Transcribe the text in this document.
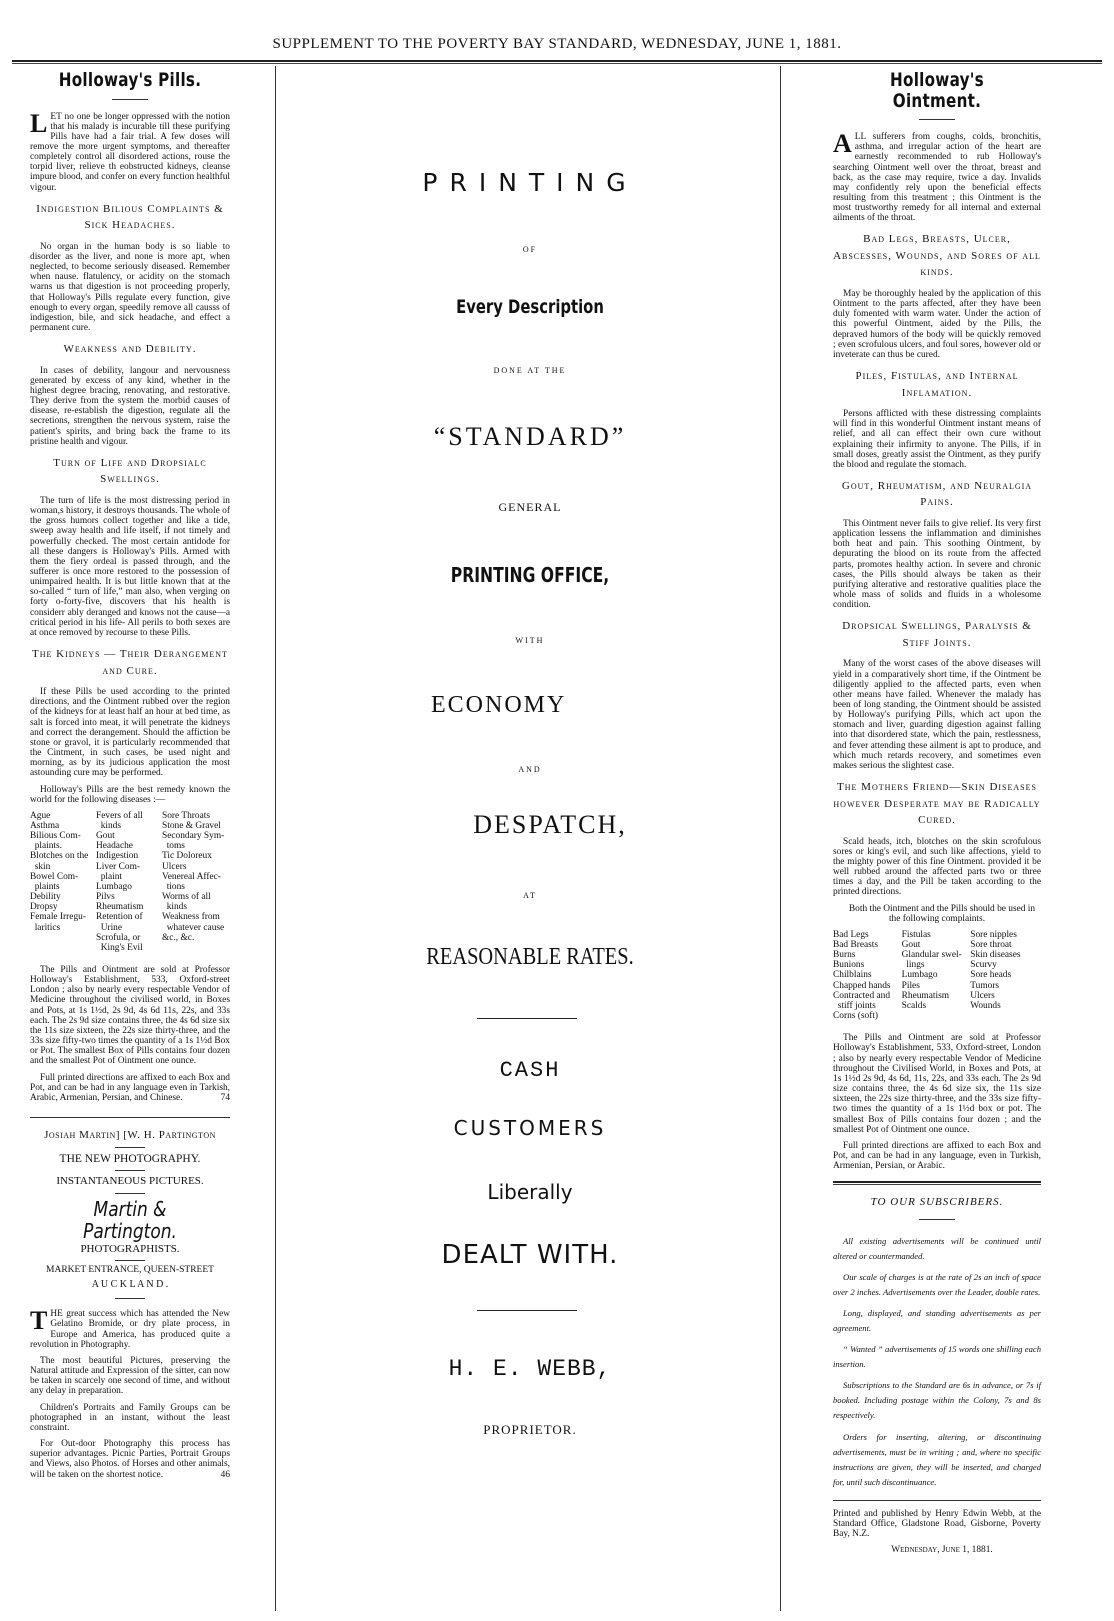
SUPPLEMENT TO THE POVERTY BAY STANDARD, WEDNESDAY, JUNE 1, 1881.
Holloway's Pills.

LET no one be longer oppressed with the notion that his malady is incurable till these purifying Pills have had a fair trial. A few doses will remove the more urgent symptoms, and thereafter completely control all disordered actions, rouse the torpid liver, relieve th eobstructed kidneys, cleanse impure blood, and confer on every function healthful vigour.

Indigestion Bilious Complaints & Sick Headaches.

No organ in the human body is so liable to disorder as the liver, and none is more apt, when neglected, to become seriously diseased. Remember when nause. flatulency, or acidity on the stomach warns us that digestion is not proceeding properly, that Holloway's Pills regulate every function, give enough to every organ, speedily remove all causss of indigestion, bile, and sick headache, and effect a permanent cure.

Weakness and Debility.

In cases of debility, langour and nervousness generated by excess of any kind, whether in the highest degree bracing, renovating, and restorative. They derive from the system the morbid causes of disease, re-establish the digestion, regulate all the secretions, strengthen the nervous system, raise the patient's spirits, and bring back the frame to its pristine health and vigour.

Turn of Life and Dropsialc Swellings.

The turn of life is the most distressing period in woman,s history, it destroys thousands. The whole of the gross humors collect together and like a tide, sweep away health and life itself, if not timely and powerfully checked. The most certain antidode for all these dangers is Holloway's Pills. Armed with them the fiery ordeal is passed through, and the sufferer is once more restored to the possession of unimpaired health. It is but little known that at the so-called “ turn of life,” man also, when verging on forty o-forty-five, discovers that his health is considerr ably deranged and knows not the cause—a critical period in his life- All perils to both sexes are at once removed by recourse to these Pills.

The Kidneys — Their Derangement and Cure.

If these Pills be used according to the printed directions, and the Ointment rubbed over the region of the kidneys for at least half an hour at bed time, as salt is forced into meat, it will penetrate the kidneys and correct the derangement. Should the affiction be stone or gravol, it is particularly recommended that the Cintment, in such cases, be used night and morning, as by its judicious application the most astounding cure may be performed.

Holloway's Pills are the best remedy known the world for the following diseases :—

Ague	Fevers of all	Sore Throats
Asthma	kinds	Stone & Gravel
Bilious Com-	Gout	Secondary Sym-
plaints.	Headache	toms
Blotches on the	Indigestion	Tic Doloreux
skin	Liver Com-	Ulcers
Bowel Com-	plaint	Venereal Affec-
plaints	Lumbago	tions
Debility	Pilvs	Worms of all
Dropsy	Rheumatism	kinds
Female Irregu-	Retention of	Weakness from
laritics	Urine	whatever cause
	Scrofula, or	&c., &c.
	King's Evil	

The Pills and Ointment are sold at Professor Holloway's Establishment, 533, Oxford-street London ; also by nearly every respectable Vendor of Medicine throughout the civilised world, in Boxes and Pots, at 1s 1½d, 2s 9d, 4s 6d 11s, 22s, and 33s each. The 2s 9d size contains three, the 4s 6d size six the 11s size sixteen, the 22s size thirty-three, and the 33s size fifty-two times the quantity of a 1s 1½d Box or Pot. The smallest Box of Pills contains four dozen and the smallest Pot of Ointment one ounce.

Full printed directions are affixed to each Box and Pot, and can be had in any language even in Tarkish, Arabic, Armenian, Persian, and Chinese.	74

Josiah Martin] [W. H. Partington
THE NEW PHOTOGRAPHY.
INSTANTANEOUS PICTURES.
Martin & Partington.
PHOTOGRAPHISTS.
MARKET ENTRANCE, QUEEN-STREET
A U C K L A N D .

THE great success which has attended the New Gelatino Bromide, or dry plate process, in Europe and America, has produced quite a revolution in Photography.

The most beautiful Pictures, preserving the Natural attitude and Expression of the sitter, can now be taken in scarcely one second of time, and without any delay in preparation.

Children's Portraits and Family Groups can be photographed in an instant, without the least constraint.

For Out-door Photography this process has superior advantages. Picnic Parties, Portrait Groups and Views, also Photos. of Horses and other animals, will be taken on the shortest notice.	46

PRINTING
OF
Every Description
DONE AT THE
“STANDARD”
GENERAL
PRINTING OFFICE,
WITH
ECONOMY
AND
DESPATCH,
AT
REASONABLE RATES.
CASH
CUSTOMERS
Liberally
DEALT WITH.
H. E. WEBB,
PROPRIETOR.
Holloway's Ointment.

ALL sufferers from coughs, colds, bronchitis, asthma, and irregular action of the heart are earnestly recommended to rub Holloway's searching Ointment well over the throat, breast and back, as the case may require, twice a day. Invalids may confidently rely upon the beneficial effects resulting from this treatment ; this Ointment is the most trustworthy remedy for all internal and external ailments of the throat.

Bad Legs, Breasts, Ulcer, Abscesses, Wounds, and Sores of all kinds.

May be thoroughly healed by the application of this Ointment to the parts affected, after they have been duly fomented with warm water. Under the action of this powerful Ointment, aided by the Pills, the depraved humors of the body will be quickly removed ; even scrofulous ulcers, and foul sores, however old or inveterate can thus be cured.

Piles, Fistulas, and Internal Inflamation.

Persons afflicted with these distressing complaints will find in this wonderful Ointment instant means of relief, and all can effect their own cure without explaining their infirmity to anyone. The Pills, if in small doses, greatly assist the Ointment, as they purify the blood and regulate the stomach.

Gout, Rheumatism, and Neuralgia Pains.

This Ointment never fails to give relief. Its very first application lessens the inflammation and diminishes both heat and pain. This soothing Ointment, by depurating the blood on its route from the affected parts, promotes healthy action. In severe and chronic cases, the Pills should always be taken as their purifying alterative and restorative qualities place the whole mass of solids and fluids in a wholesome condition.

Dropsical Swellings, Paralysis & Stiff Joints.

Many of the worst cases of the above diseases will yield in a comparatively short time, if the Ointment be diligently applied to the affected parts, even when other means have failed. Whenever the malady has been of long standing, the Ointment should be assisted by Holloway's purifying Pills, which act upon the stomach and liver, guarding digestion against falling into that disordered state, which the pain, restlessness, and fever attending these ailment is apt to produce, and which much retards recovery, and sometimes even makes serious the slightest case.

The Mothers Friend—Skin Diseases however Desperate may be Radically Cured.

Scald heads, itch, blotches on the skin scrofulous sores or king's evil, and such like affections, yield to the mighty power of this fine Ointment. provided it be well rubbed around the affected parts two or three times a day, and the Pill be taken according to the printed directions.

Both the Ointment and the Pills should be used in the following complaints.

Bad Legs	Fistulas	Sore nipples
Bad Breasts	Gout	Sore throat
Burns	Glandular swel-	Skin diseases
Bunions	lings	Scurvy
Chilblains	Lumbago	Sore heads
Chapped hands	Piles	Tumors
Contracted and	Rheumatism	Ulcers
stiff joints	Scalds	Wounds
Corns (soft)		

The Pills and Ointment are sold at Professor Holloway's Establishment, 533, Oxford-street, London ; also by nearly every respectable Vendor of Medicine throughout the Civilised World, in Boxes and Pots, at 1s 1½d 2s 9d, 4s 6d, 11s, 22s, and 33s each. The 2s 9d size contains three, the 4s 6d size six, the 11s size sixteen, the 22s size thirty-three, and the 33s size fifty-two times the quantity of a 1s 1½d box or pot. The smallest Box of Pills contains four dozen ; and the smallest Pot of Ointment one ounce.

Full printed directions are affixed to each Box and Pot, and can be had in any language, even in Turkish, Armenian, Persian, or Arabic.

TO OUR SUBSCRIBERS.

All existing advertisements will be continued until altered or countermanded.

Our scale of charges is at the rate of 2s an inch of space over 2 inches. Advertisements over the Leader, double rates.

Long, displayed, and standing advertisements as per agreement.

“ Wanted ” advertisements of 15 words one shilling each insertion.

Subscriptions to the Standard are 6s in advance, or 7s if booked. Including postage within the Colony, 7s and 8s respectively.

Orders for inserting, altering, or discontinuing advertisements, must be in writing ; and, where no specific instructions are given, they will be inserted, and charged for, until such discontinuance.

Printed and published by Henry Edwin Webb, at the Standard Office, Gladstone Road, Gisborne, Poverty Bay, N.Z.

Wednesday, June 1, 1881.
